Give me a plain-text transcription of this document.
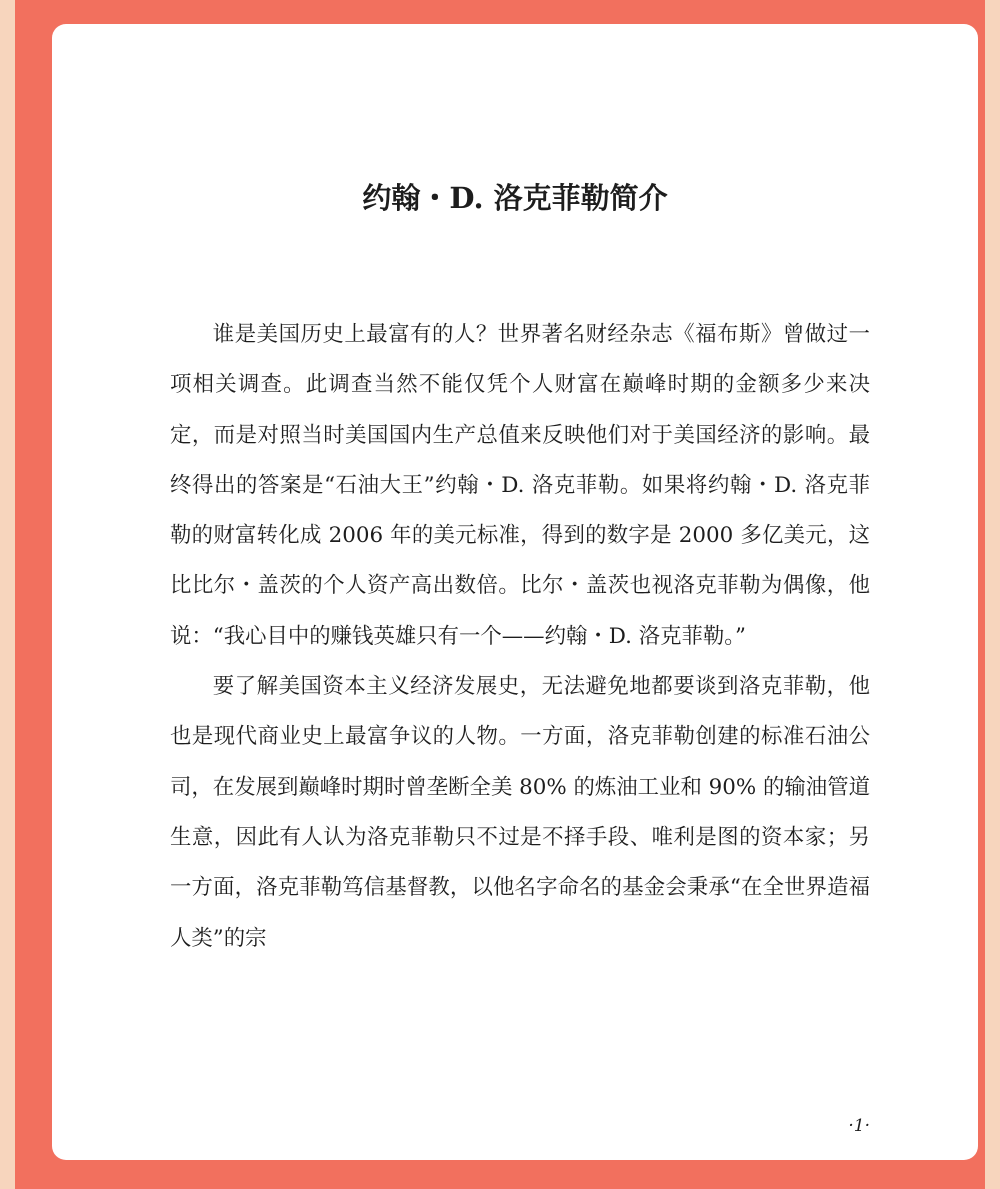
约翰・D. 洛克菲勒简介

谁是美国历史上最富有的人？世界著名财经杂志《福布斯》曾做过一项相关调查。此调查当然不能仅凭个人财富在巅峰时期的金额多少来决定，而是对照当时美国国内生产总值来反映他们对于美国经济的影响。最终得出的答案是“石油大王”约翰・D. 洛克菲勒。如果将约翰・D. 洛克菲勒的财富转化成 2006 年的美元标准，得到的数字是 2000 多亿美元，这比比尔・盖茨的个人资产高出数倍。比尔・盖茨也视洛克菲勒为偶像，他说：“我心目中的赚钱英雄只有一个——约翰・D. 洛克菲勒。”

要了解美国资本主义经济发展史，无法避免地都要谈到洛克菲勒，他也是现代商业史上最富争议的人物。一方面，洛克菲勒创建的标准石油公司，在发展到巅峰时期时曾垄断全美 80% 的炼油工业和 90% 的输油管道生意，因此有人认为洛克菲勒只不过是不择手段、唯利是图的资本家；另一方面，洛克菲勒笃信基督教，以他名字命名的基金会秉承“在全世界造福人类”的宗

·1·
